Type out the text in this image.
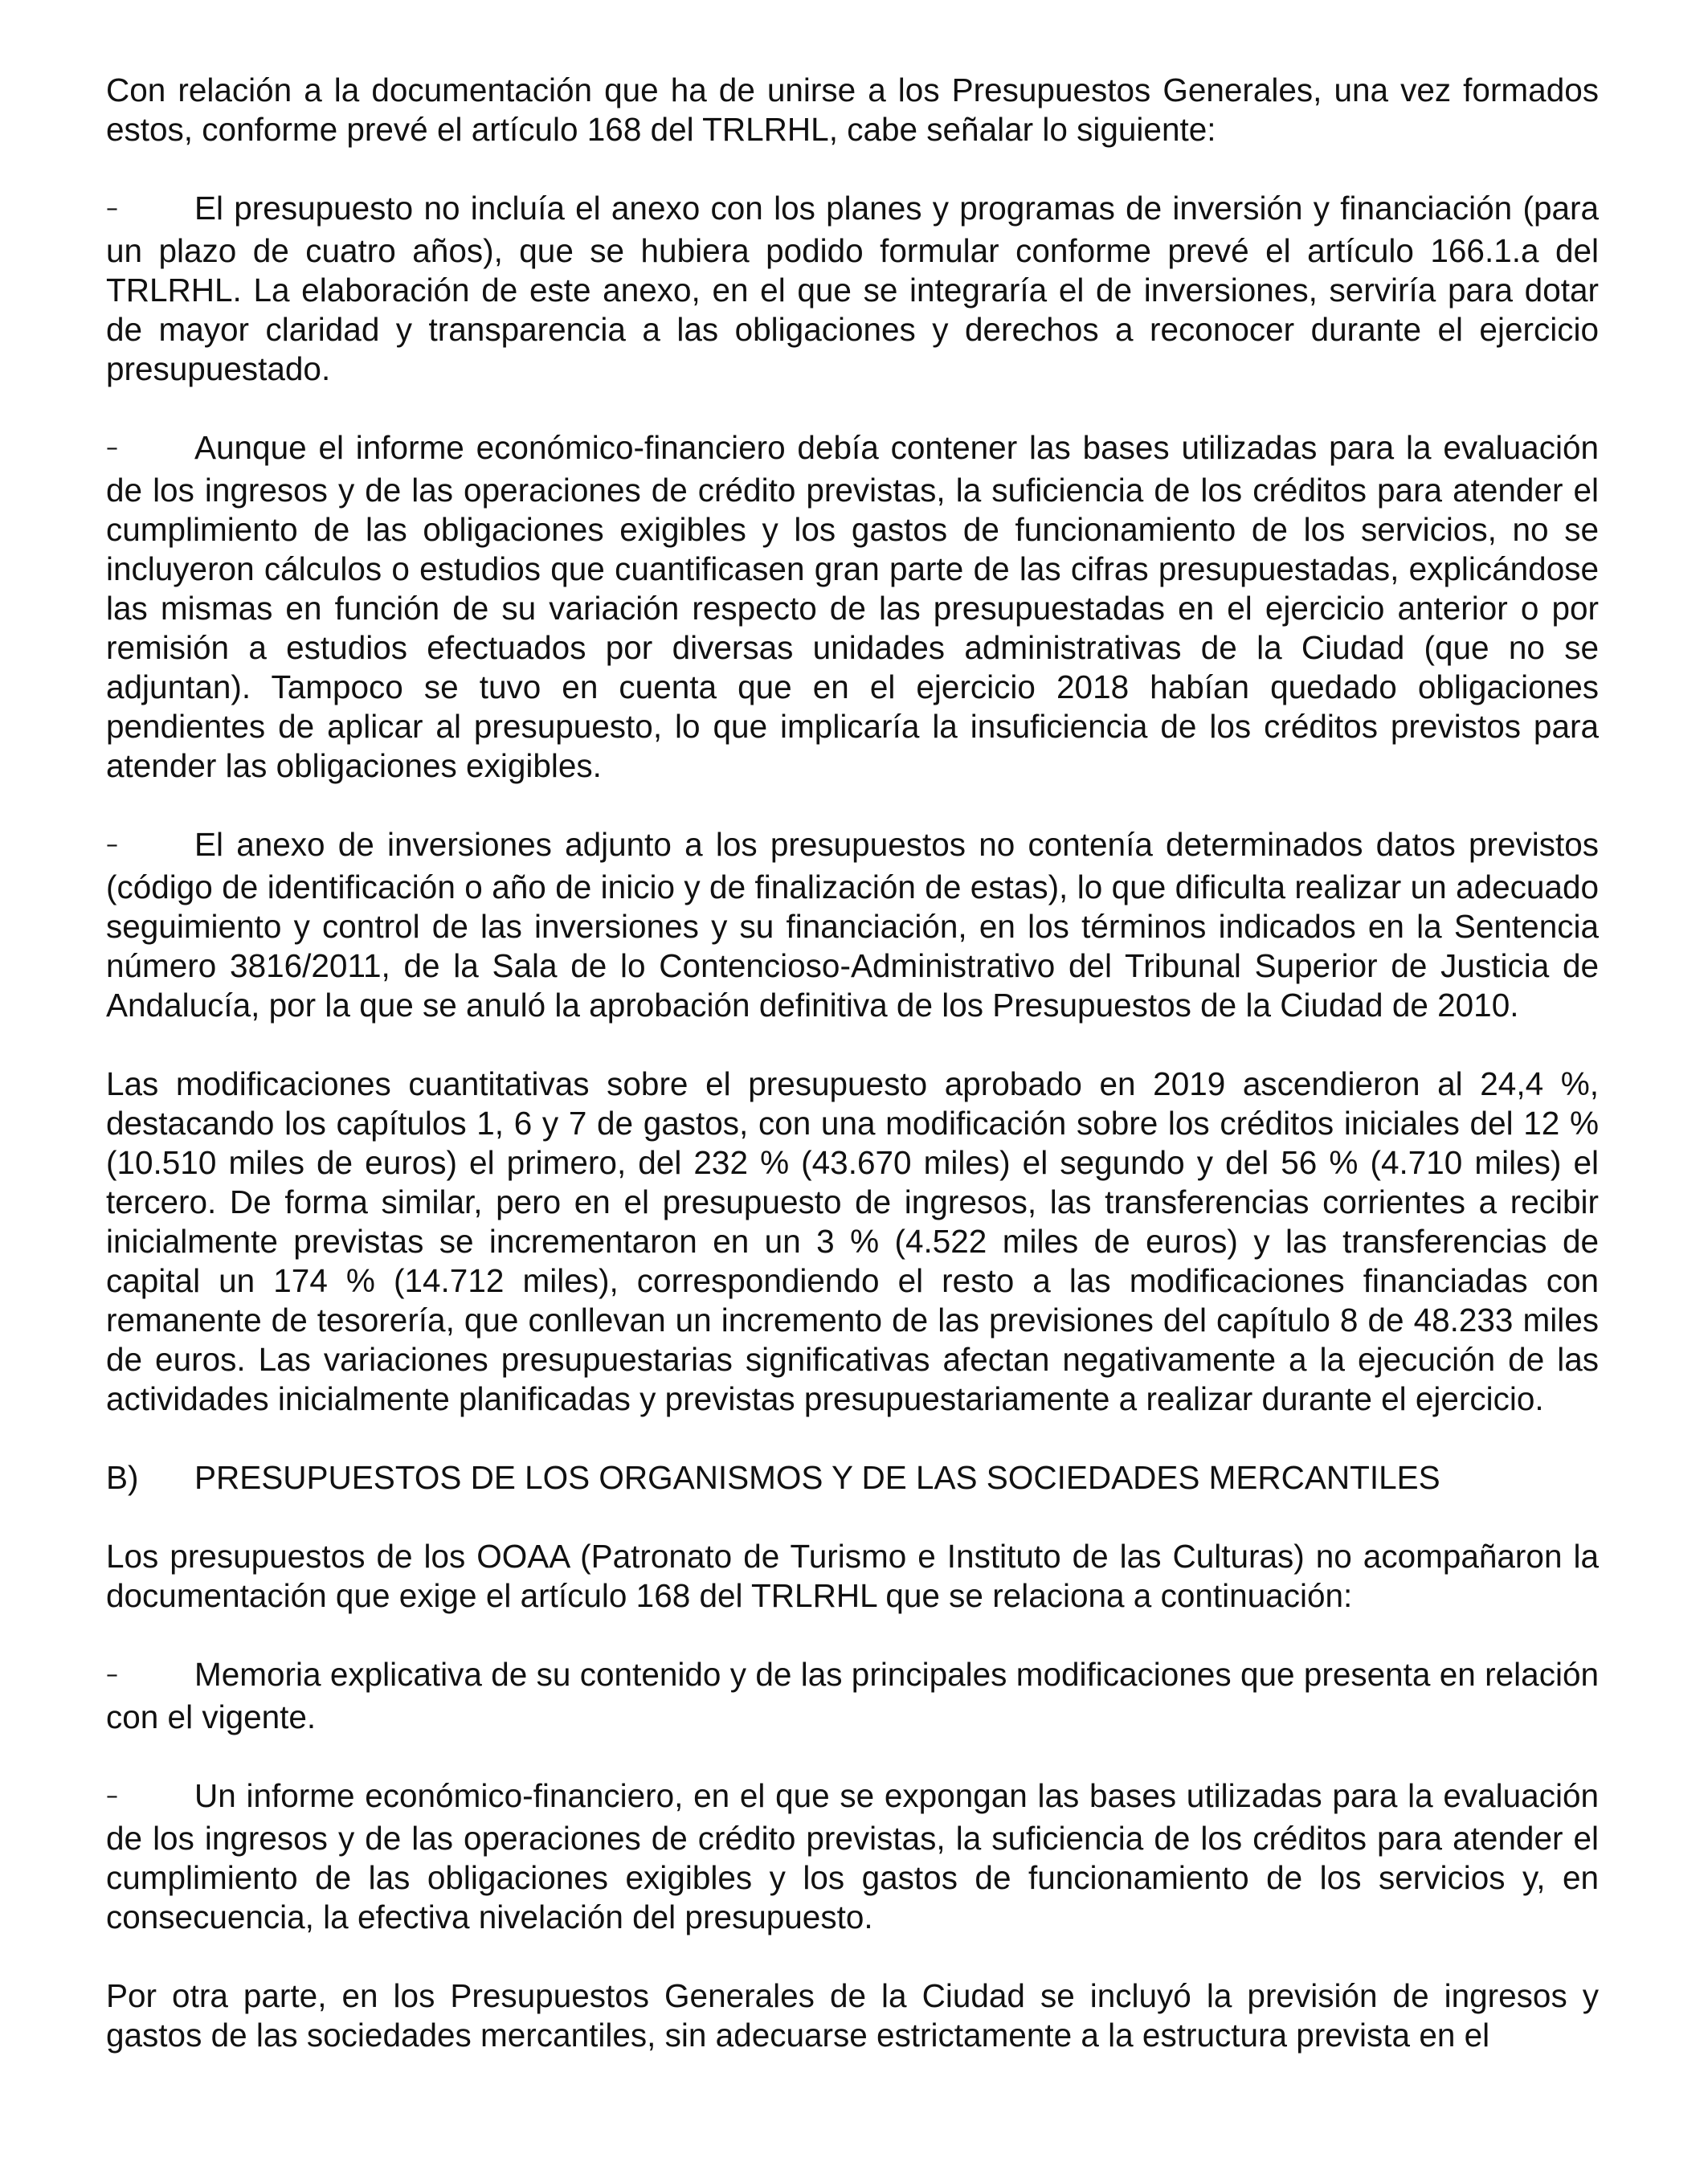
Con relación a la documentación que ha de unirse a los Presupuestos Generales, una vez formados estos, conforme prevé el artículo 168 del TRLRHL, cabe señalar lo siguiente:

– El presupuesto no incluía el anexo con los planes y programas de inversión y financiación (para un plazo de cuatro años), que se hubiera podido formular conforme prevé el artículo 166.1.a del TRLRHL. La elaboración de este anexo, en el que se integraría el de inversiones, serviría para dotar de mayor claridad y transparencia a las obligaciones y derechos a reconocer durante el ejercicio presupuestado.

– Aunque el informe económico-financiero debía contener las bases utilizadas para la evaluación de los ingresos y de las operaciones de crédito previstas, la suficiencia de los créditos para atender el cumplimiento de las obligaciones exigibles y los gastos de funcionamiento de los servicios, no se incluyeron cálculos o estudios que cuantificasen gran parte de las cifras presupuestadas, explicándose las mismas en función de su variación respecto de las presupuestadas en el ejercicio anterior o por remisión a estudios efectuados por diversas unidades administrativas de la Ciudad (que no se adjuntan). Tampoco se tuvo en cuenta que en el ejercicio 2018 habían quedado obligaciones pendientes de aplicar al presupuesto, lo que implicaría la insuficiencia de los créditos previstos para atender las obligaciones exigibles.

– El anexo de inversiones adjunto a los presupuestos no contenía determinados datos previstos (código de identificación o año de inicio y de finalización de estas), lo que dificulta realizar un adecuado seguimiento y control de las inversiones y su financiación, en los términos indicados en la Sentencia número 3816/2011, de la Sala de lo Contencioso-Administrativo del Tribunal Superior de Justicia de Andalucía, por la que se anuló la aprobación definitiva de los Presupuestos de la Ciudad de 2010.

Las modificaciones cuantitativas sobre el presupuesto aprobado en 2019 ascendieron al 24,4 %, destacando los capítulos 1, 6 y 7 de gastos, con una modificación sobre los créditos iniciales del 12 % (10.510 miles de euros) el primero, del 232 % (43.670 miles) el segundo y del 56 % (4.710 miles) el tercero. De forma similar, pero en el presupuesto de ingresos, las transferencias corrientes a recibir inicialmente previstas se incrementaron en un 3 % (4.522 miles de euros) y las transferencias de capital un 174 % (14.712 miles), correspondiendo el resto a las modificaciones financiadas con remanente de tesorería, que conllevan un incremento de las previsiones del capítulo 8 de 48.233 miles de euros. Las variaciones presupuestarias significativas afectan negativamente a la ejecución de las actividades inicialmente planificadas y previstas presupuestariamente a realizar durante el ejercicio.

B) PRESUPUESTOS DE LOS ORGANISMOS Y DE LAS SOCIEDADES MERCANTILES

Los presupuestos de los OOAA (Patronato de Turismo e Instituto de las Culturas) no acompañaron la documentación que exige el artículo 168 del TRLRHL que se relaciona a continuación:

– Memoria explicativa de su contenido y de las principales modificaciones que presenta en relación con el vigente.

– Un informe económico-financiero, en el que se expongan las bases utilizadas para la evaluación de los ingresos y de las operaciones de crédito previstas, la suficiencia de los créditos para atender el cumplimiento de las obligaciones exigibles y los gastos de funcionamiento de los servicios y, en consecuencia, la efectiva nivelación del presupuesto.

Por otra parte, en los Presupuestos Generales de la Ciudad se incluyó la previsión de ingresos y gastos de las sociedades mercantiles, sin adecuarse estrictamente a la estructura prevista en el
